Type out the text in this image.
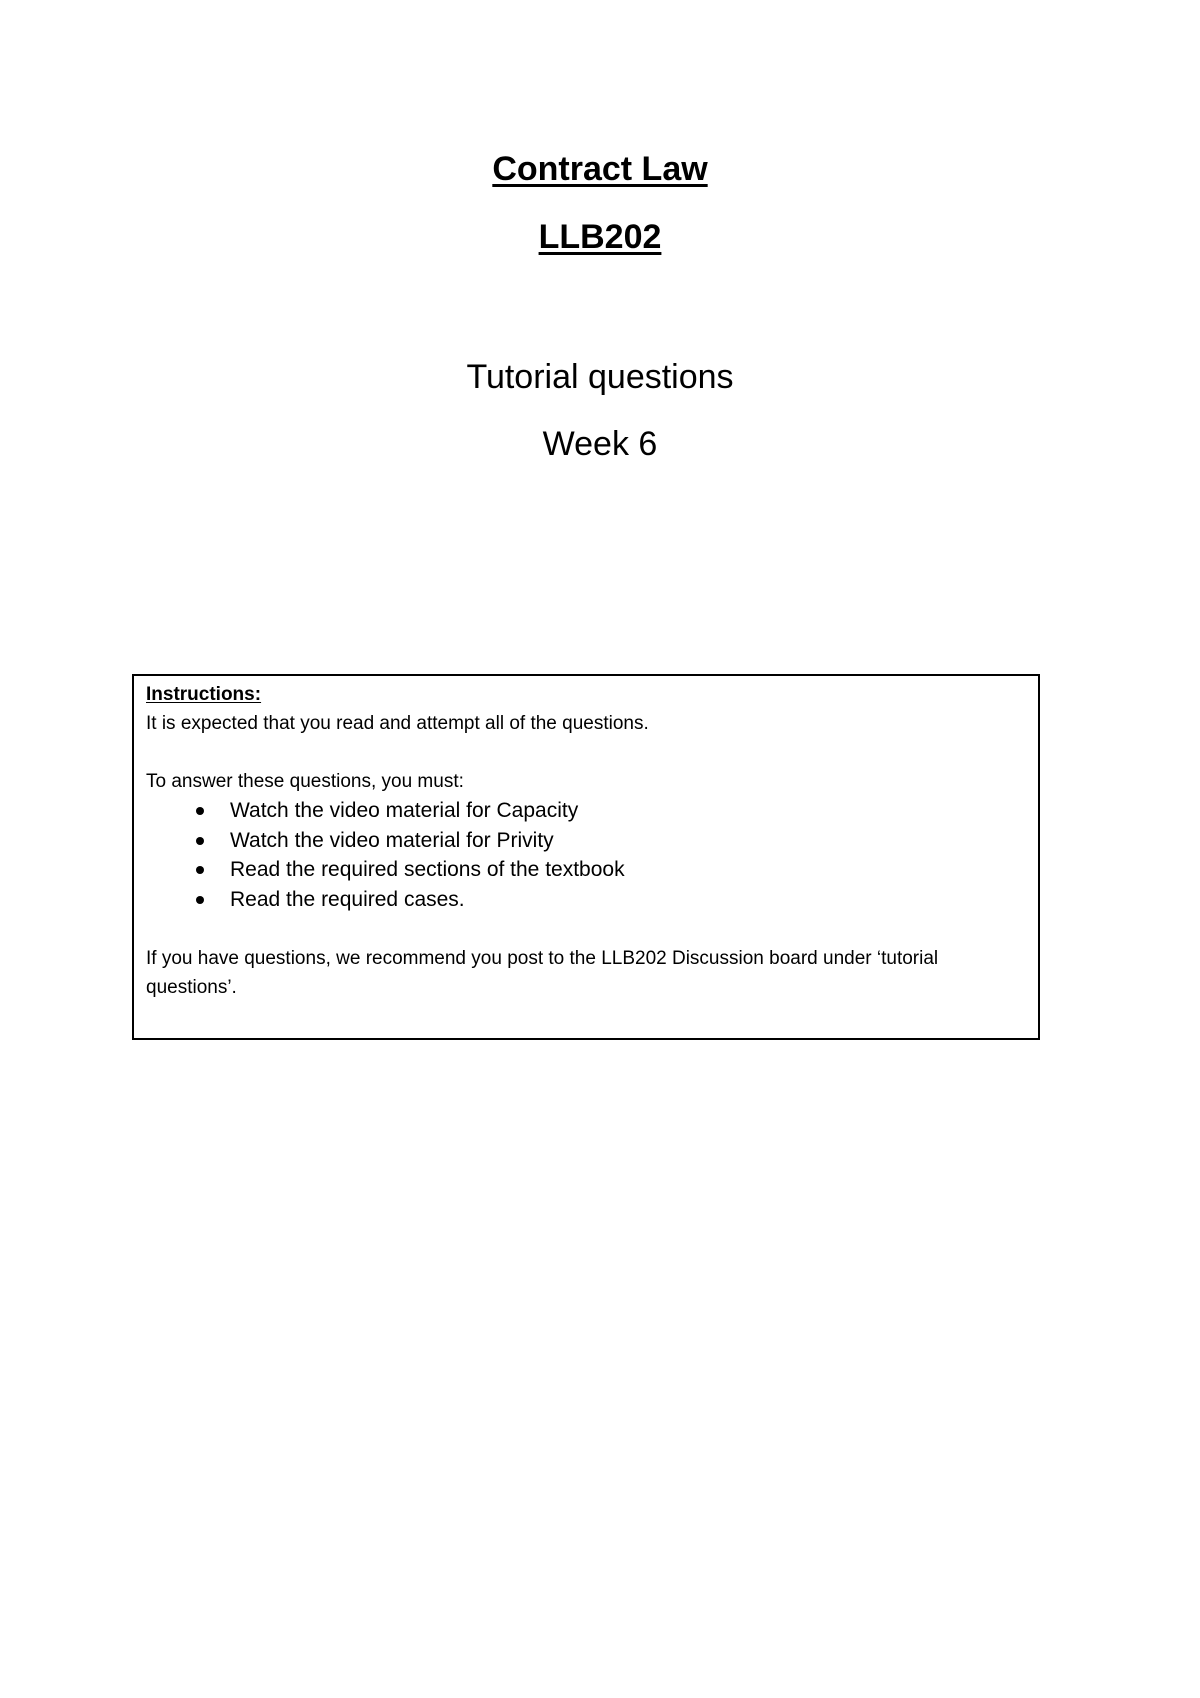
Contract Law
LLB202
Tutorial questions
Week 6
Instructions:
It is expected that you read and attempt all of the questions.
To answer these questions, you must:
Watch the video material for Capacity
Watch the video material for Privity
Read the required sections of the textbook
Read the required cases.
If you have questions, we recommend you post to the LLB202 Discussion board under ‘tutorial questions’.
